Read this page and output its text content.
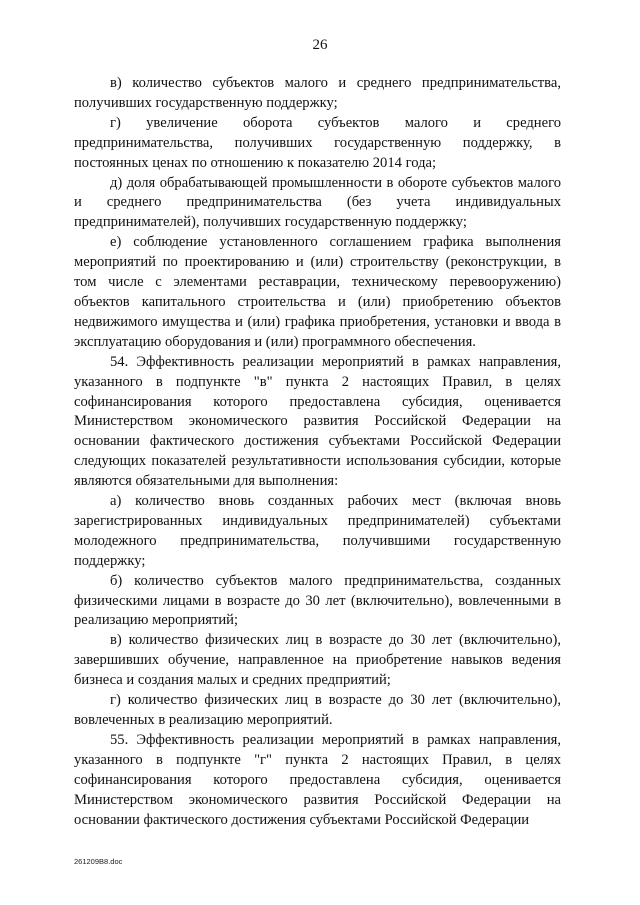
26

в) количество субъектов малого и среднего предпринимательства, получивших государственную поддержку;

г) увеличение оборота субъектов малого и среднего предпринимательства, получивших государственную поддержку, в постоянных ценах по отношению к показателю 2014 года;

д) доля обрабатывающей промышленности в обороте субъектов малого и среднего предпринимательства (без учета индивидуальных предпринимателей), получивших государственную поддержку;

е) соблюдение установленного соглашением графика выполнения мероприятий по проектированию и (или) строительству (реконструкции, в том числе с элементами реставрации, техническому перевооружению) объектов капитального строительства и (или) приобретению объектов недвижимого имущества и (или) графика приобретения, установки и ввода в эксплуатацию оборудования и (или) программного обеспечения.

54. Эффективность реализации мероприятий в рамках направления, указанного в подпункте "в" пункта 2 настоящих Правил, в целях софинансирования которого предоставлена субсидия, оценивается Министерством экономического развития Российской Федерации на основании фактического достижения субъектами Российской Федерации следующих показателей результативности использования субсидии, которые являются обязательными для выполнения:

а) количество вновь созданных рабочих мест (включая вновь зарегистрированных индивидуальных предпринимателей) субъектами молодежного предпринимательства, получившими государственную поддержку;

б) количество субъектов малого предпринимательства, созданных физическими лицами в возрасте до 30 лет (включительно), вовлеченными в реализацию мероприятий;

в) количество физических лиц в возрасте до 30 лет (включительно), завершивших обучение, направленное на приобретение навыков ведения бизнеса и создания малых и средних предприятий;

г) количество физических лиц в возрасте до 30 лет (включительно), вовлеченных в реализацию мероприятий.

55. Эффективность реализации мероприятий в рамках направления, указанного в подпункте "г" пункта 2 настоящих Правил, в целях софинансирования которого предоставлена субсидия, оценивается Министерством экономического развития Российской Федерации на основании фактического достижения субъектами Российской Федерации

261209В8.doc
